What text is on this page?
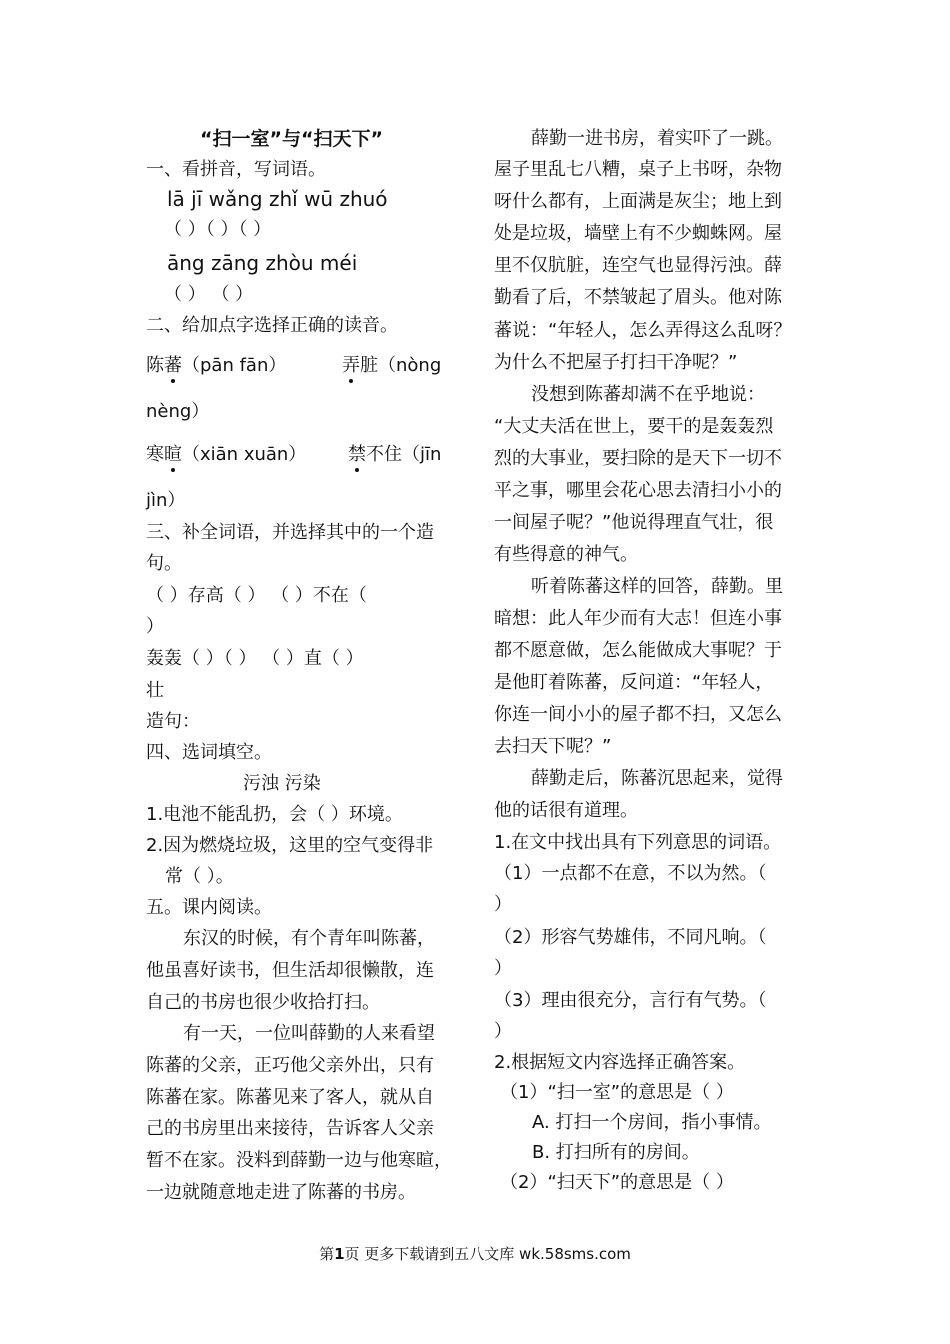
“扫一室”与“扫天下”
一、看拼音，写词语。
lā jī wǎng zhǐ wū zhuó
（ ）（ ）（ ）
āng zāng zhòu méi
（ ） （ ）
二、给加点字选择正确的读音。
陈蕃（pān fān）	弄脏（nòng
nèng）
寒暄（xiān xuān） 禁不住（jīn
jìn）
三、补全词语，并选择其中的一个造
句。
（ ）存高（ ） （ ）不在（
）
轰轰（ ）（ ） （ ）直（ ）
壮
造句：
四、选词填空。
污浊 污染
1.电池不能乱扔，会（ ）环境。
2.因为燃烧垃圾，这里的空气变得非
常（ ）。
五。课内阅读。
东汉的时候，有个青年叫陈蕃，
他虽喜好读书，但生活却很懒散，连
自己的书房也很少收拾打扫。
有一天，一位叫薛勤的人来看望
陈蕃的父亲，正巧他父亲外出，只有
陈蕃在家。陈蕃见来了客人，就从自
己的书房里出来接待，告诉客人父亲
暂不在家。没料到薛勤一边与他寒暄，
一边就随意地走进了陈蕃的书房。
薛勤一进书房，着实吓了一跳。
屋子里乱七八糟，桌子上书呀，杂物
呀什么都有，上面满是灰尘；地上到
处是垃圾，墙壁上有不少蜘蛛网。屋
里不仅肮脏，连空气也显得污浊。薛
勤看了后，不禁皱起了眉头。他对陈
蕃说：“年轻人，怎么弄得这么乱呀？
为什么不把屋子打扫干净呢？”
没想到陈蕃却满不在乎地说：
“大丈夫活在世上，要干的是轰轰烈
烈的大事业，要扫除的是天下一切不
平之事，哪里会花心思去清扫小小的
一间屋子呢？”他说得理直气壮，很
有些得意的神气。
听着陈蕃这样的回答，薛勤。里
暗想：此人年少而有大志！但连小事
都不愿意做，怎么能做成大事呢？于
是他盯着陈蕃，反问道：“年轻人，
你连一间小小的屋子都不扫，又怎么
去扫天下呢？”
薛勤走后，陈蕃沉思起来，觉得
他的话很有道理。
1.在文中找出具有下列意思的词语。
（1）一点都不在意，不以为然。（
）
（2）形容气势雄伟，不同凡响。（
）
（3）理由很充分，言行有气势。（
）
2.根据短文内容选择正确答案。
（1）“扫一室”的意思是（ ）
A. 打扫一个房间，指小事情。
B. 打扫所有的房间。
（2）“扫天下”的意思是（ ）
第1页 更多下载请到五八文库 wk.58sms.com
